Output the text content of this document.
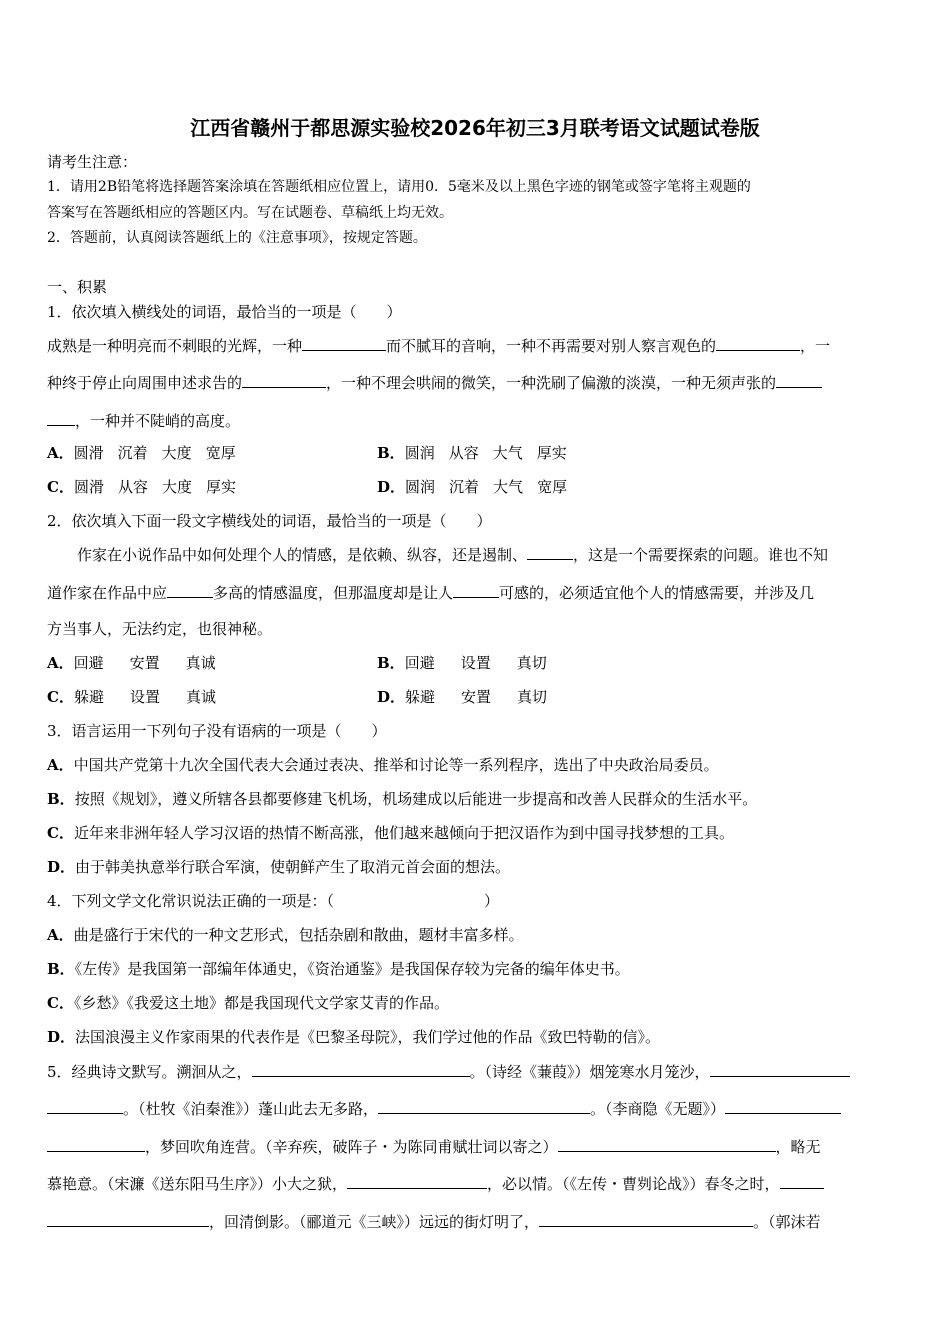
江西省赣州于都思源实验校2026年初三3月联考语文试题试卷版
请考生注意：
1．请用2B铅笔将选择题答案涂填在答题纸相应位置上，请用0．5毫米及以上黑色字迹的钢笔或签字笔将主观题的
答案写在答题纸相应的答题区内。写在试题卷、草稿纸上均无效。
2．答题前，认真阅读答题纸上的《注意事项》，按规定答题。
一、积累
1．依次填入横线处的词语，最恰当的一项是（　　）
成熟是一种明亮而不刺眼的光辉，一种	而不腻耳的音响，一种不再需要对别人察言观色的	，一
种终于停止向周围申述求告的	，一种不理会哄闹的微笑，一种洗刷了偏激的淡漠，一种无须声张的
，一种并不陡峭的高度。
A．圆滑 沉着 大度 宽厚	B．圆润 从容 大气 厚实
C．圆滑 从容 大度 厚实	D．圆润 沉着 大气 宽厚
2．依次填入下面一段文字横线处的词语，最恰当的一项是（　　）
作家在小说作品中如何处理个人的情感，是依赖、纵容，还是遏制、	，这是一个需要探索的问题。谁也不知
道作家在作品中应	多高的情感温度，但那温度却是让人	可感的，必须适宜他个人的情感需要，并涉及几
方当事人，无法约定，也很神秘。
A．回避 安置 真诚	B．回避 设置 真切
C．躲避 设置 真诚	D．躲避 安置 真切
3．语言运用一下列句子没有语病的一项是（　　）
A．中国共产党第十九次全国代表大会通过表决、推举和讨论等一系列程序，选出了中央政治局委员。
B．按照《规划》，遵义所辖各县都要修建飞机场，机场建成以后能进一步提高和改善人民群众的生活水平。
C．近年来非洲年轻人学习汉语的热情不断高涨，他们越来越倾向于把汉语作为到中国寻找梦想的工具。
D．由于韩美执意举行联合军演，使朝鲜产生了取消元首会面的想法。
4．下列文学文化常识说法正确的一项是：（　　　　　　　　　　）
A．曲是盛行于宋代的一种文艺形式，包括杂剧和散曲，题材丰富多样。
B．《左传》是我国第一部编年体通史，《资治通鉴》是我国保存较为完备的编年体史书。
C．《乡愁》《我爱这土地》都是我国现代文学家艾青的作品。
D．法国浪漫主义作家雨果的代表作是《巴黎圣母院》，我们学过他的作品《致巴特勒的信》。
5．经典诗文默写。溯洄从之，	。（诗经《蒹葭》）烟笼寒水月笼沙，
。（杜牧《泊秦淮》）蓬山此去无多路，	。（李商隐《无题》）
，梦回吹角连营。（辛弃疾，破阵子・为陈同甫赋壮词以寄之）	，略无
慕艳意。（宋濂《送东阳马生序》）小大之狱，	，必以情。（《左传・曹刿论战》）春冬之时，
，回清倒影。（郦道元《三峡》）远远的街灯明了，	。（郭沫若
